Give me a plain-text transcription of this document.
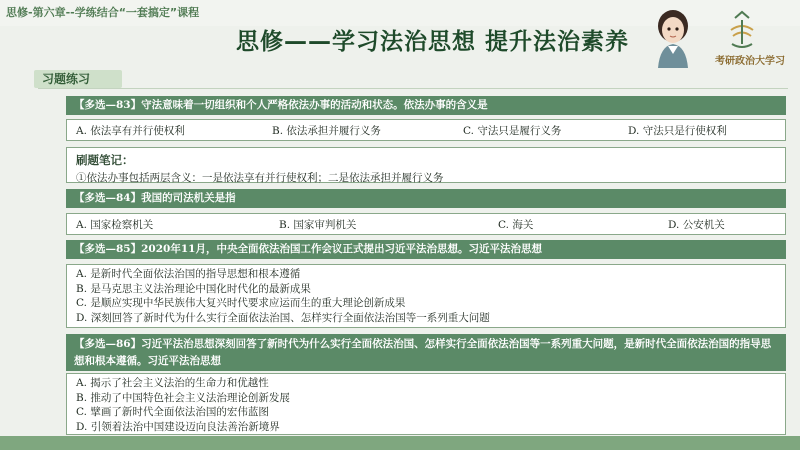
思修-第六章--学练结合“一套搞定”课程
思修——学习法治思想 提升法治素养
考研政治大学习
习题练习
【多选—83】守法意味着一切组织和个人严格依法办事的活动和状态。依法办事的含义是
A. 依法享有并行使权利	B. 依法承担并履行义务	C. 守法只是履行义务	D. 守法只是行使权利
刷题笔记：
①依法办事包括两层含义：一是依法享有并行使权利；二是依法承担并履行义务
【多选—84】我国的司法机关是指
A. 国家检察机关	B. 国家审判机关	C. 海关	D. 公安机关
【多选—85】2020年11月，中央全面依法治国工作会议正式提出习近平法治思想。习近平法治思想
A. 是新时代全面依法治国的指导思想和根本遵循
B. 是马克思主义法治理论中国化时代化的最新成果
C. 是顺应实现中华民族伟大复兴时代要求应运而生的重大理论创新成果
D. 深刻回答了新时代为什么实行全面依法治国、怎样实行全面依法治国等一系列重大问题
【多选—86】习近平法治思想深刻回答了新时代为什么实行全面依法治国、怎样实行全面依法治国等一系列重大问题，是新时代全面依法治国的指导思想和根本遵循。习近平法治思想
A. 揭示了社会主义法治的生命力和优越性
B. 推动了中国特色社会主义法治理论创新发展
C. 擘画了新时代全面依法治国的宏伟蓝图
D. 引领着法治中国建设迈向良法善治新境界
